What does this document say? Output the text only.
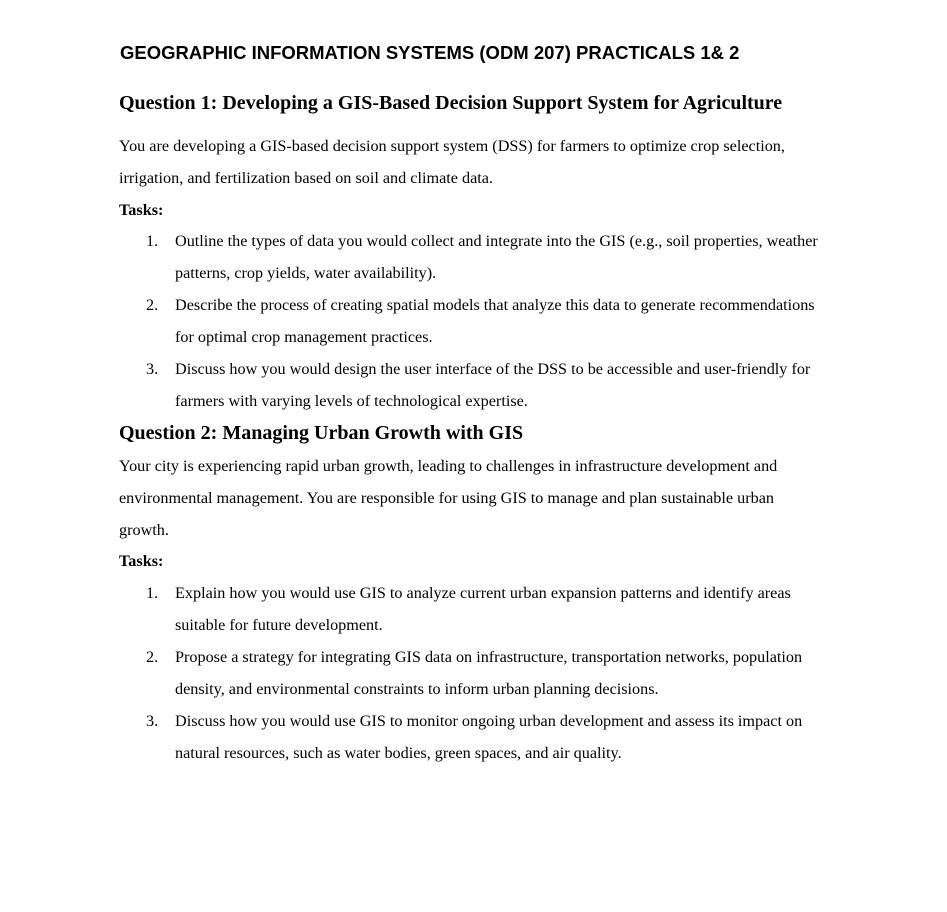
GEOGRAPHIC INFORMATION SYSTEMS (ODM 207) PRACTICALS 1& 2
Question 1: Developing a GIS-Based Decision Support System for Agriculture

You are developing a GIS-based decision support system (DSS) for farmers to optimize crop selection, irrigation, and fertilization based on soil and climate data.

Tasks:

1. Outline the types of data you would collect and integrate into the GIS (e.g., soil properties, weather patterns, crop yields, water availability).
2. Describe the process of creating spatial models that analyze this data to generate recommendations for optimal crop management practices.
3. Discuss how you would design the user interface of the DSS to be accessible and user-friendly for farmers with varying levels of technological expertise.
Question 2: Managing Urban Growth with GIS

Your city is experiencing rapid urban growth, leading to challenges in infrastructure development and environmental management. You are responsible for using GIS to manage and plan sustainable urban growth.

Tasks:

1. Explain how you would use GIS to analyze current urban expansion patterns and identify areas suitable for future development.
2. Propose a strategy for integrating GIS data on infrastructure, transportation networks, population density, and environmental constraints to inform urban planning decisions.
3. Discuss how you would use GIS to monitor ongoing urban development and assess its impact on natural resources, such as water bodies, green spaces, and air quality.
